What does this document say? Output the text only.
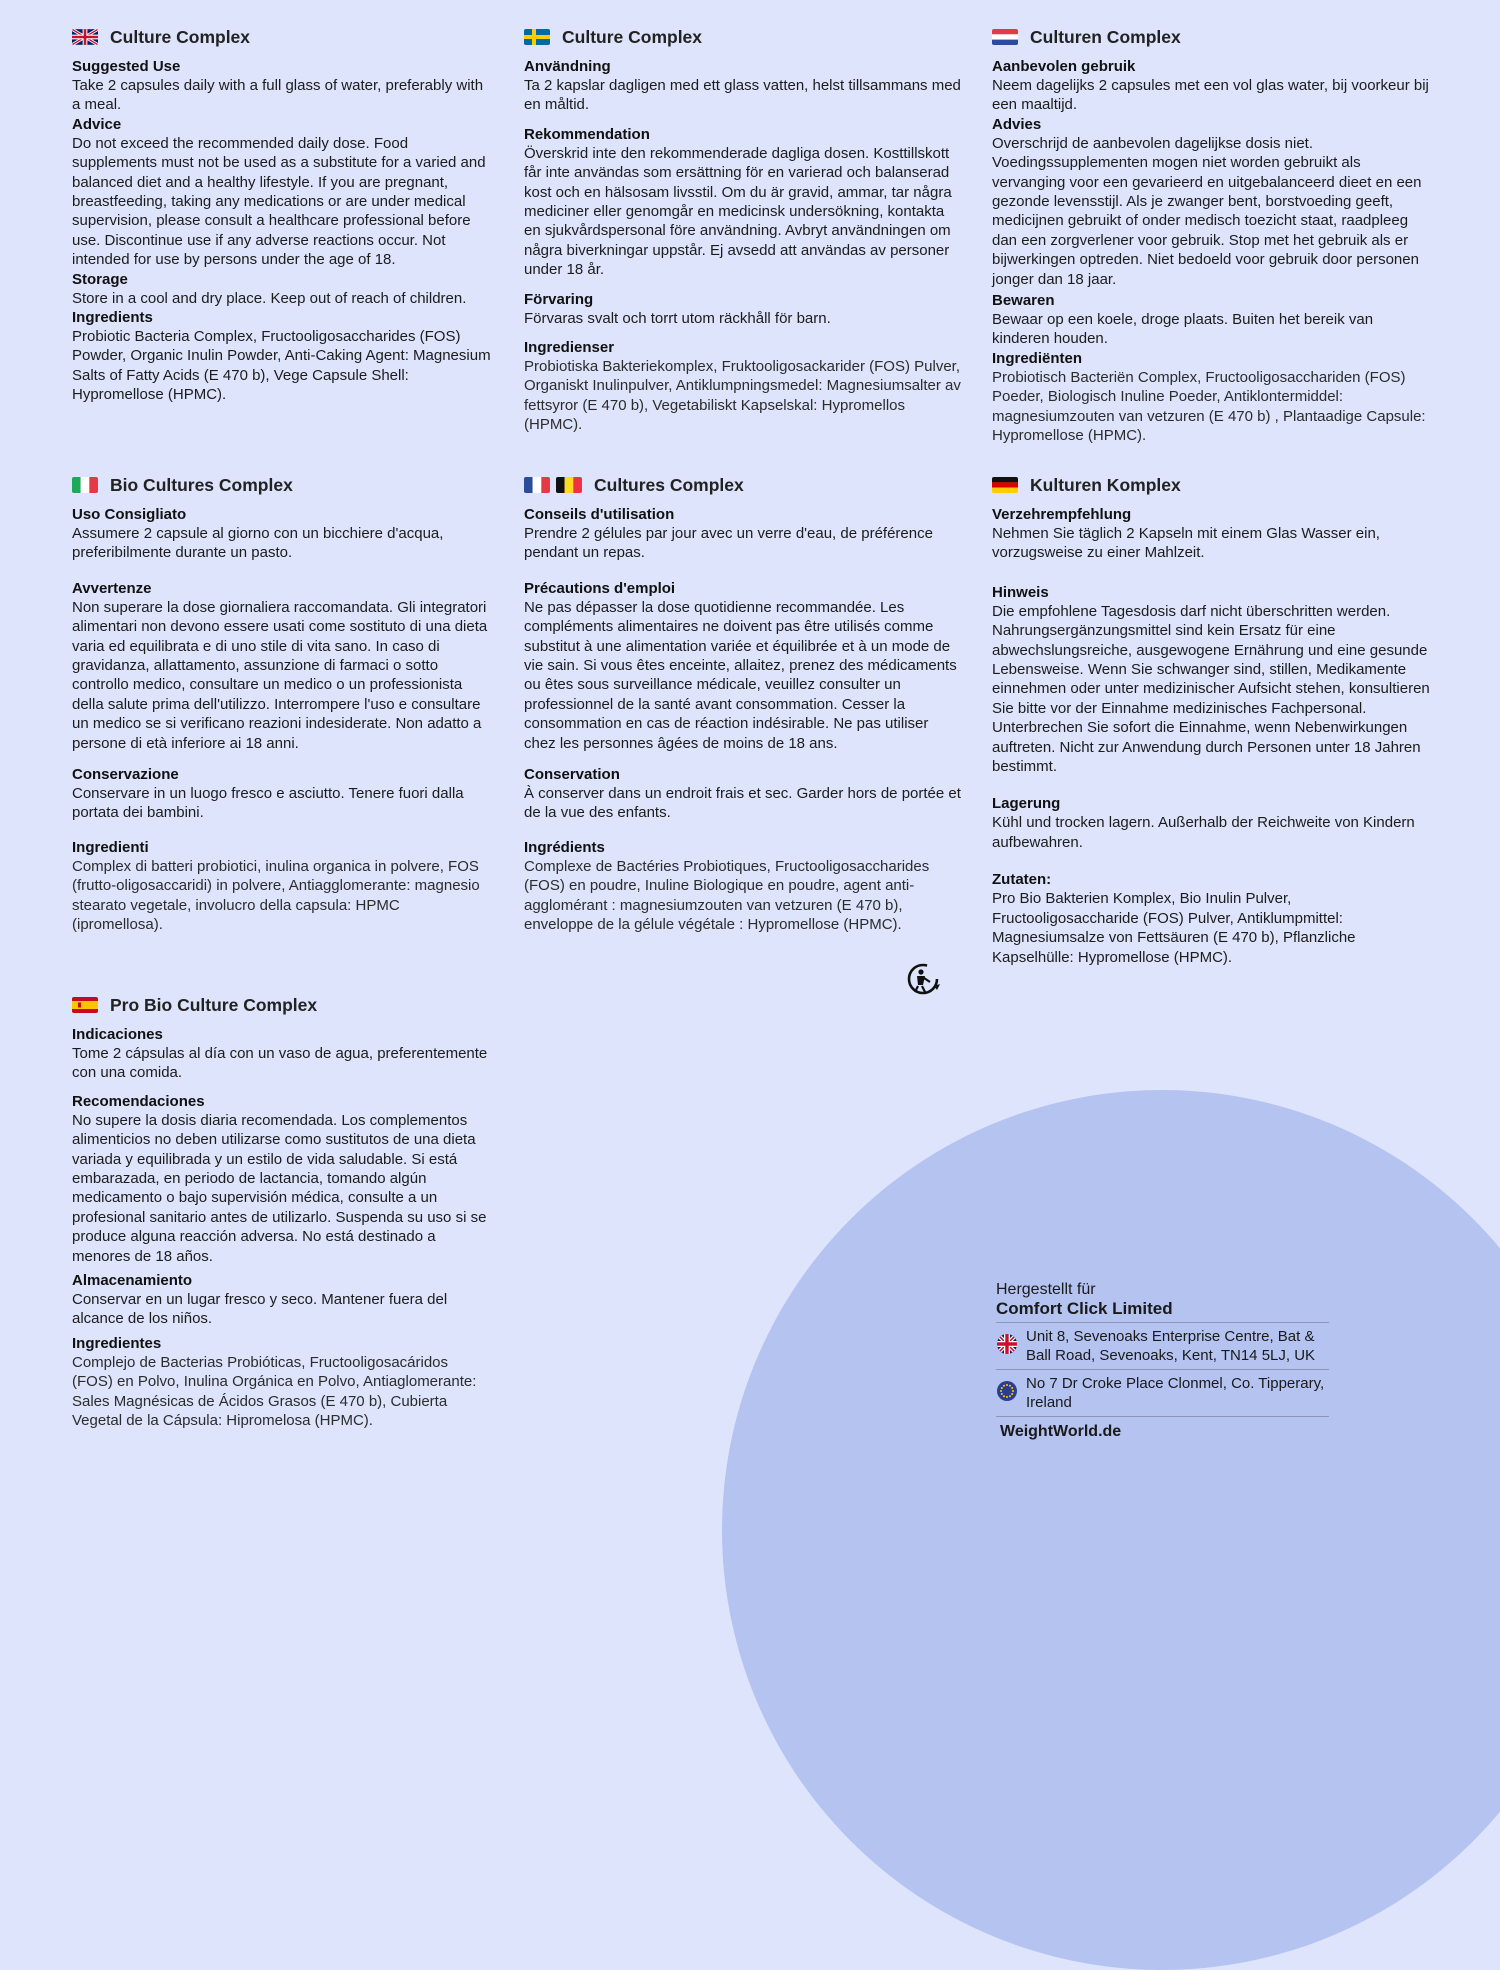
Culture Complex
Suggested Use
Take 2 capsules daily with a full glass of water, preferably with a meal.
Advice
Do not exceed the recommended daily dose. Food supplements must not be used as a substitute for a varied and balanced diet and a healthy lifestyle. If you are pregnant, breastfeeding, taking any medications or are under medical supervision, please consult a healthcare professional before use. Discontinue use if any adverse reactions occur. Not intended for use by persons under the age of 18.
Storage
Store in a cool and dry place. Keep out of reach of children.
Ingredients
Probiotic Bacteria Complex, Fructooligosaccharides (FOS) Powder, Organic Inulin Powder, Anti-Caking Agent: Magnesium Salts of Fatty Acids (E 470 b), Vege Capsule Shell: Hypromellose (HPMC).
Culture Complex
Användning
Ta 2 kapslar dagligen med ett glass vatten, helst tillsammans med en måltid.
Rekommendation
Överskrid inte den rekommenderade dagliga dosen. Kosttillskott får inte användas som ersättning för en varierad och balanserad kost och en hälsosam livsstil. Om du är gravid, ammar, tar några mediciner eller genomgår en medicinsk undersökning, kontakta en sjukvårdspersonal före användning. Avbryt användningen om några biverkningar uppstår. Ej avsedd att användas av personer under 18 år.
Förvaring
Förvaras svalt och torrt utom räckhåll för barn.
Ingredienser
Probiotiska Bakteriekomplex, Fruktooligosackarider (FOS) Pulver, Organiskt Inulinpulver, Antiklumpningsmedel: Magnesiumsalter av fettsyror (E 470 b), Vegetabiliskt Kapselskal: Hypromellos (HPMC).
Culturen Complex
Aanbevolen gebruik
Neem dagelijks 2 capsules met een vol glas water, bij voorkeur bij een maaltijd.
Advies
Overschrijd de aanbevolen dagelijkse dosis niet. Voedingssupplementen mogen niet worden gebruikt als vervanging voor een gevarieerd en uitgebalanceerd dieet en een gezonde levensstijl. Als je zwanger bent, borstvoeding geeft, medicijnen gebruikt of onder medisch toezicht staat, raadpleeg dan een zorgverlener voor gebruik. Stop met het gebruik als er bijwerkingen optreden. Niet bedoeld voor gebruik door personen jonger dan 18 jaar.
Bewaren
Bewaar op een koele, droge plaats. Buiten het bereik van kinderen houden.
Ingrediënten
Probiotisch Bacteriën Complex, Fructooligosacchariden (FOS) Poeder, Biologisch Inuline Poeder, Antiklontermiddel: magnesiumzouten van vetzuren (E 470 b) , Plantaadige Capsule: Hypromellose (HPMC).
Bio Cultures Complex
Uso Consigliato
Assumere 2 capsule al giorno con un bicchiere d'acqua, preferibilmente durante un pasto.
Avvertenze
Non superare la dose giornaliera raccomandata. Gli integratori alimentari non devono essere usati come sostituto di una dieta varia ed equilibrata e di uno stile di vita sano. In caso di gravidanza, allattamento, assunzione di farmaci o sotto controllo medico, consultare un medico o un professionista della salute prima dell'utilizzo. Interrompere l'uso e consultare un medico se si verificano reazioni indesiderate. Non adatto a persone di età inferiore ai 18 anni.
Conservazione
Conservare in un luogo fresco e asciutto. Tenere fuori dalla portata dei bambini.
Ingredienti
Complex di batteri probiotici, inulina organica in polvere, FOS (frutto-oligosaccaridi) in polvere, Antiagglomerante: magnesio stearato vegetale, involucro della capsula: HPMC (ipromellosa).
Cultures Complex
Conseils d'utilisation
Prendre 2 gélules par jour avec un verre d'eau, de préférence pendant un repas.
Précautions d'emploi
Ne pas dépasser la dose quotidienne recommandée. Les compléments alimentaires ne doivent pas être utilisés comme substitut à une alimentation variée et équilibrée et à un mode de vie sain. Si vous êtes enceinte, allaitez, prenez des médicaments ou êtes sous surveillance médicale, veuillez consulter un professionnel de la santé avant consommation. Cesser la consommation en cas de réaction indésirable. Ne pas utiliser chez les personnes âgées de moins de 18 ans.
Conservation
À conserver dans un endroit frais et sec. Garder hors de portée et de la vue des enfants.
Ingrédients
Complexe de Bactéries Probiotiques, Fructooligosaccharides (FOS) en poudre, Inuline Biologique en poudre, agent anti-agglomérant : magnesiumzouten van vetzuren (E 470 b), enveloppe de la gélule végétale : Hypromellose (HPMC).
Kulturen Komplex
Verzehrempfehlung
Nehmen Sie täglich 2 Kapseln mit einem Glas Wasser ein, vorzugsweise zu einer Mahlzeit.
Hinweis
Die empfohlene Tagesdosis darf nicht überschritten werden. Nahrungsergänzungsmittel sind kein Ersatz für eine abwechslungsreiche, ausgewogene Ernährung und eine gesunde Lebensweise. Wenn Sie schwanger sind, stillen, Medikamente einnehmen oder unter medizinischer Aufsicht stehen, konsultieren Sie bitte vor der Einnahme medizinisches Fachpersonal. Unterbrechen Sie sofort die Einnahme, wenn Nebenwirkungen auftreten. Nicht zur Anwendung durch Personen unter 18 Jahren bestimmt.
Lagerung
Kühl und trocken lagern. Außerhalb der Reichweite von Kindern aufbewahren.
Zutaten:
Pro Bio Bakterien Komplex, Bio Inulin Pulver, Fructooligosaccharide (FOS) Pulver, Antiklumpmittel: Magnesiumsalze von Fettsäuren (E 470 b), Pflanzliche Kapselhülle: Hypromellose (HPMC).
Pro Bio Culture Complex
Indicaciones
Tome 2 cápsulas al día con un vaso de agua, preferentemente con una comida.
Recomendaciones
No supere la dosis diaria recomendada. Los complementos alimenticios no deben utilizarse como sustitutos de una dieta variada y equilibrada y un estilo de vida saludable. Si está embarazada, en periodo de lactancia, tomando algún medicamento o bajo supervisión médica, consulte a un profesional sanitario antes de utilizarlo. Suspenda su uso si se produce alguna reacción adversa. No está destinado a menores de 18 años.
Almacenamiento
Conservar en un lugar fresco y seco. Mantener fuera del alcance de los niños.
Ingredientes
Complejo de Bacterias Probióticas, Fructooligosacáridos (FOS) en Polvo, Inulina Orgánica en Polvo, Antiaglomerante: Sales Magnésicas de Ácidos Grasos (E 470 b), Cubierta Vegetal de la Cápsula: Hipromelosa (HPMC).
Hergestellt für
Comfort Click Limited
Unit 8, Sevenoaks Enterprise Centre, Bat & Ball Road, Sevenoaks, Kent, TN14 5LJ, UK
No 7 Dr Croke Place Clonmel, Co. Tipperary, Ireland
WeightWorld.de
